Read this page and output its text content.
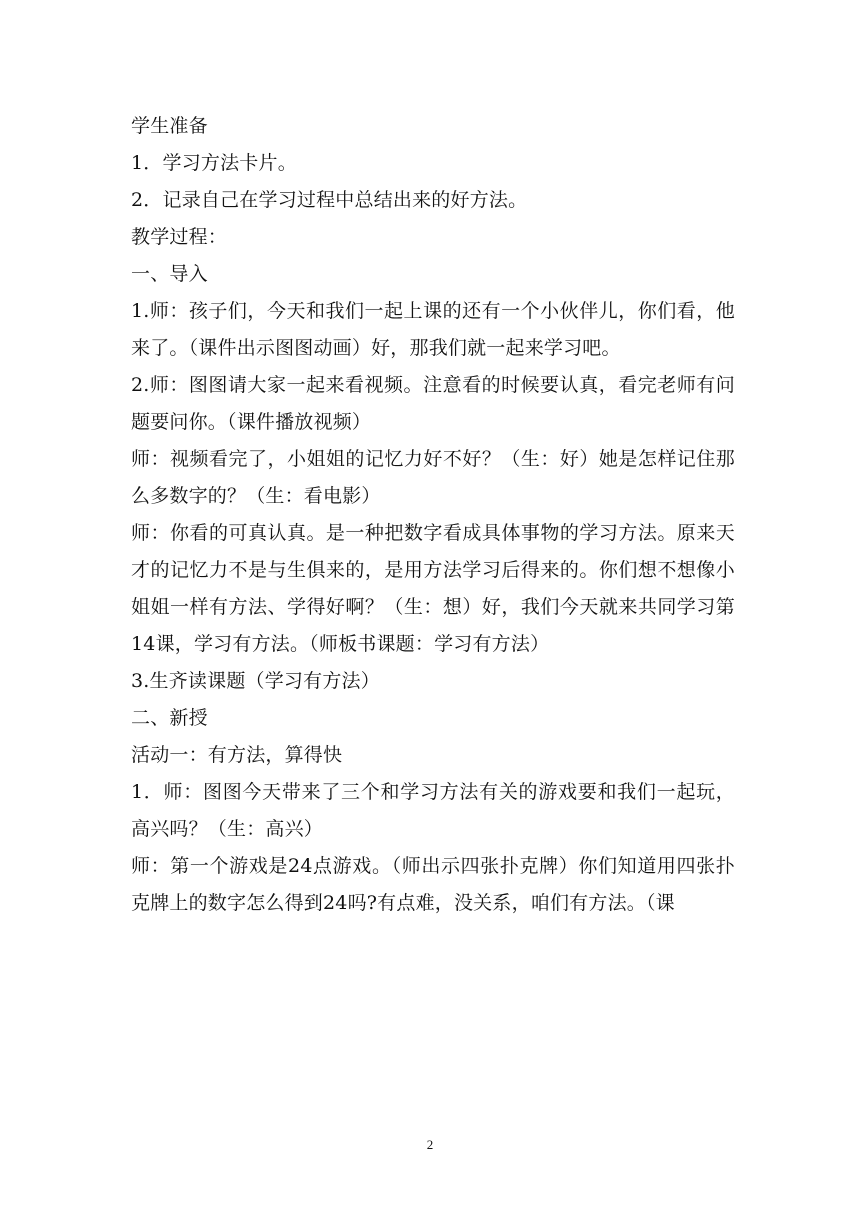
学生准备

1．学习方法卡片。

2．记录自己在学习过程中总结出来的好方法。

教学过程：

一、导入

1.师：孩子们，今天和我们一起上课的还有一个小伙伴儿，你们看，他来了。（课件出示图图动画）好，那我们就一起来学习吧。

2.师：图图请大家一起来看视频。注意看的时候要认真，看完老师有问题要问你。（课件播放视频）

师：视频看完了，小姐姐的记忆力好不好？（生：好）她是怎样记住那么多数字的？（生：看电影）

师：你看的可真认真。是一种把数字看成具体事物的学习方法。原来天才的记忆力不是与生俱来的，是用方法学习后得来的。你们想不想像小姐姐一样有方法、学得好啊？（生：想）好，我们今天就来共同学习第14课，学习有方法。（师板书课题：学习有方法）

3.生齐读课题（学习有方法）

二、新授

活动一：有方法，算得快

1．师：图图今天带来了三个和学习方法有关的游戏要和我们一起玩，高兴吗？（生：高兴）

师：第一个游戏是24点游戏。（师出示四张扑克牌）你们知道用四张扑克牌上的数字怎么得到24吗?有点难，没关系，咱们有方法。（课

2
